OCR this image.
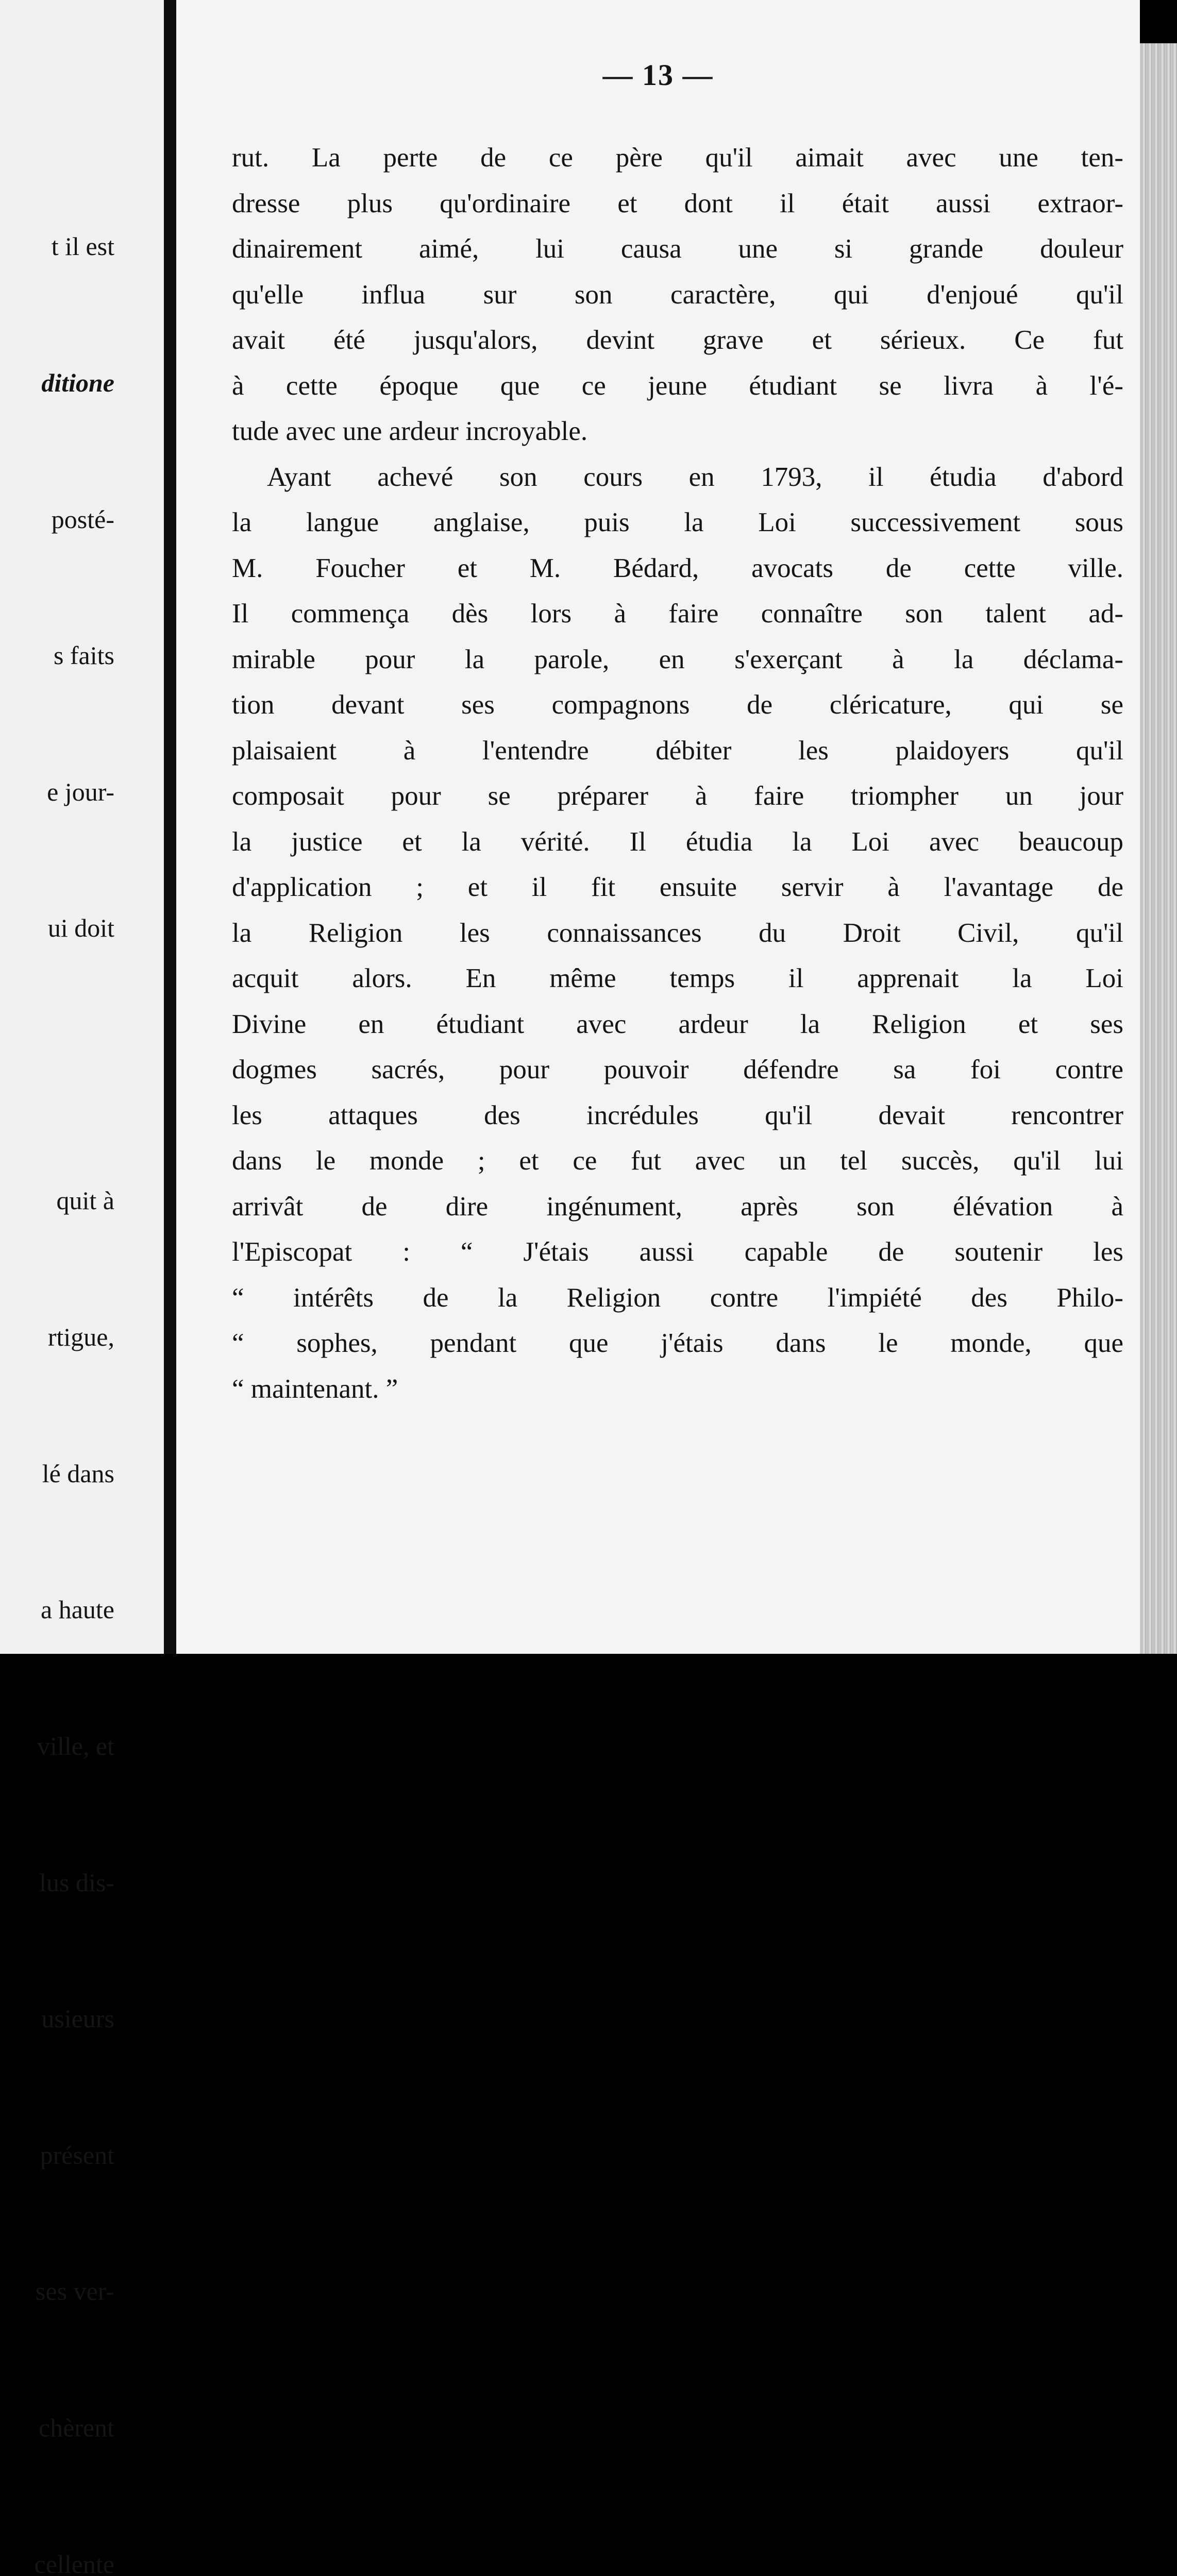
t il est

ditione

posté-

s faits

e jour-

ui doit

quit à

rtigue,

lé dans

a haute

ville, et

lus dis-

usieurs

présent

ses ver-

chèrent

cellente

— 13 —
rut. La perte de ce père qu'il aimait avec une ten-
dresse plus qu'ordinaire et dont il était aussi extraor-
dinairement aimé, lui causa une si grande douleur
qu'elle influa sur son caractère, qui d'enjoué qu'il
avait été jusqu'alors, devint grave et sérieux. Ce fut
à cette époque que ce jeune étudiant se livra à l'é-
tude avec une ardeur incroyable.
Ayant achevé son cours en 1793, il étudia d'abord
la langue anglaise, puis la Loi successivement sous
M. Foucher et M. Bédard, avocats de cette ville.
Il commença dès lors à faire connaître son talent ad-
mirable pour la parole, en s'exerçant à la déclama-
tion devant ses compagnons de cléricature, qui se
plaisaient à l'entendre débiter les plaidoyers qu'il
composait pour se préparer à faire triompher un jour
la justice et la vérité. Il étudia la Loi avec beaucoup
d'application ; et il fit ensuite servir à l'avantage de
la Religion les connaissances du Droit Civil, qu'il
acquit alors. En même temps il apprenait la Loi
Divine en étudiant avec ardeur la Religion et ses
dogmes sacrés, pour pouvoir défendre sa foi contre
les attaques des incrédules qu'il devait rencontrer
dans le monde ; et ce fut avec un tel succès, qu'il lui
arrivât de dire ingénument, après son élévation à
l'Episcopat : “ J'étais aussi capable de soutenir les
“ intérêts de la Religion contre l'impiété des Philo-
“ sophes, pendant que j'étais dans le monde, que
“ maintenant. ”
